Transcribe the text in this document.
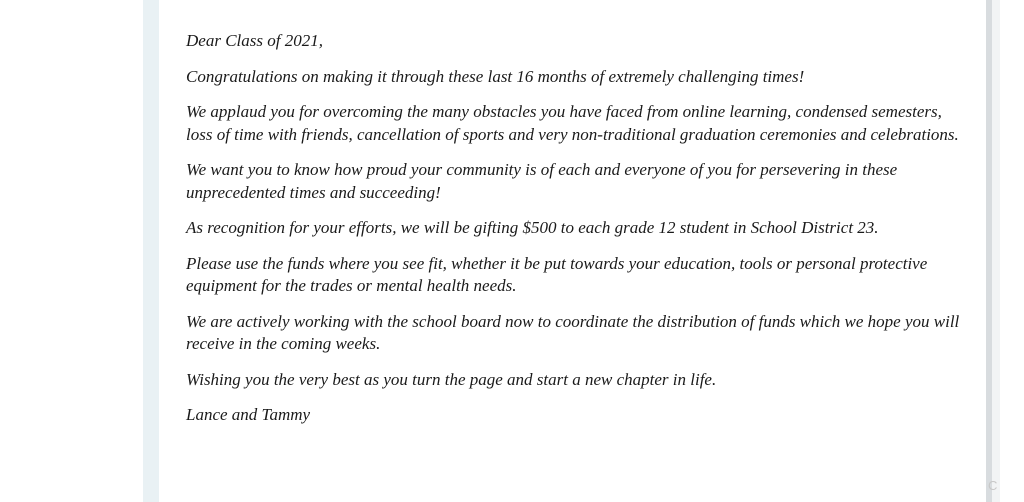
Dear Class of 2021,

Congratulations on making it through these last 16 months of extremely challenging times!

We applaud you for overcoming the many obstacles you have faced from online learning, condensed semesters, loss of time with friends, cancellation of sports and very non-traditional graduation ceremonies and celebrations.

We want you to know how proud your community is of each and everyone of you for persevering in these unprecedented times and succeeding!

As recognition for your efforts, we will be gifting $500 to each grade 12 student in School District 23.

Please use the funds where you see fit, whether it be put towards your education, tools or personal protective equipment for the trades or mental health needs.

We are actively working with the school board now to coordinate the distribution of funds which we hope you will receive in the coming weeks.

Wishing you the very best as you turn the page and start a new chapter in life.

Lance and Tammy

C
